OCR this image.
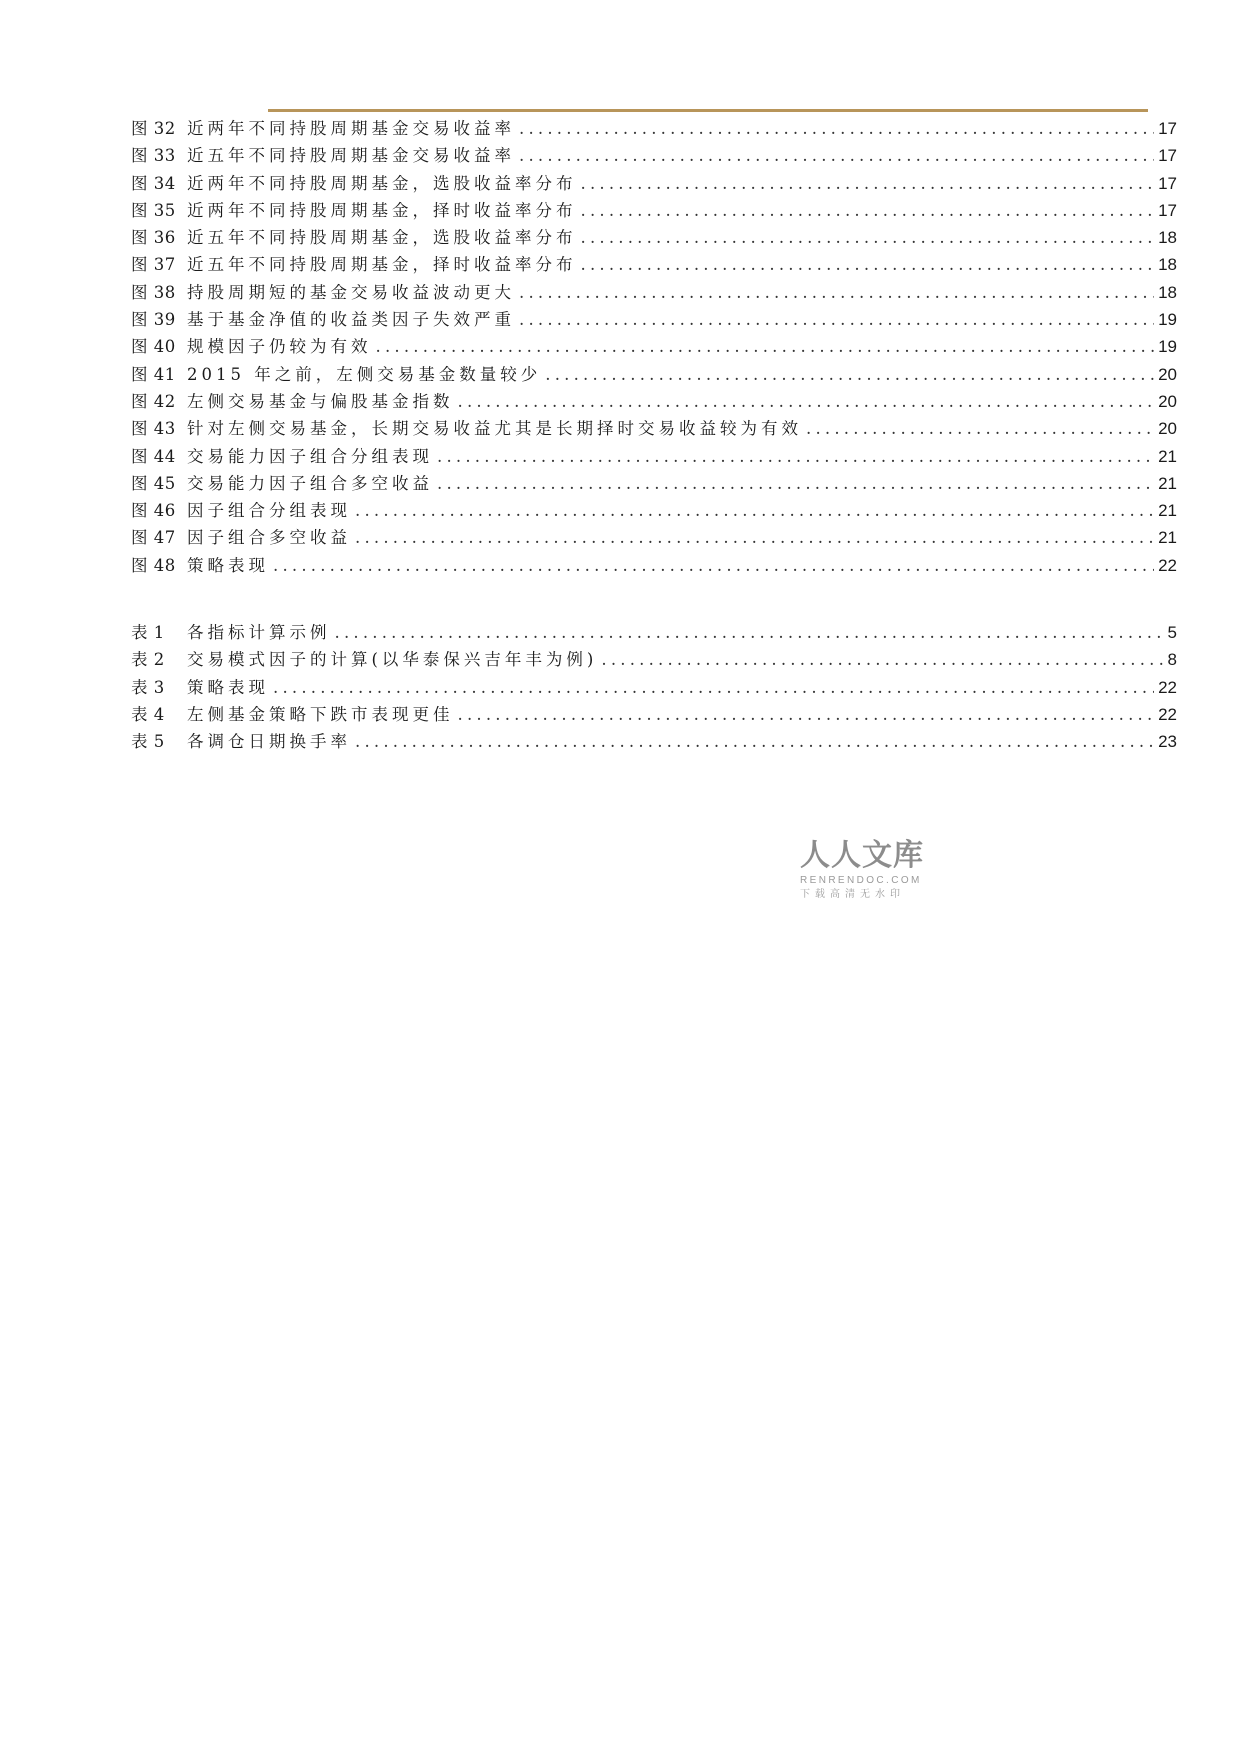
图 32 近两年不同持股周期基金交易收益率 .....	17
图 33 近五年不同持股周期基金交易收益率 .....	17
图 34 近两年不同持股周期基金，选股收益率分布 .....	17
图 35 近两年不同持股周期基金，择时收益率分布 .....	17
图 36 近五年不同持股周期基金，选股收益率分布 .....	18
图 37 近五年不同持股周期基金，择时收益率分布 .....	18
图 38 持股周期短的基金交易收益波动更大 .....	18
图 39 基于基金净值的收益类因子失效严重 .....	19
图 40 规模因子仍较为有效 .....	19
图 41 2015 年之前，左侧交易基金数量较少 .....	20
图 42 左侧交易基金与偏股基金指数 .....	20
图 43 针对左侧交易基金，长期交易收益尤其是长期择时交易收益较为有效 .....	20
图 44 交易能力因子组合分组表现 .....	21
图 45 交易能力因子组合多空收益 .....	21
图 46 因子组合分组表现 .....	21
图 47 因子组合多空收益 .....	21
图 48 策略表现 .....	22
表 1	各指标计算示例 .....	5
表 2	交易模式因子的计算(以华泰保兴吉年丰为例) .....	8
表 3	策略表现 .....	22
表 4	左侧基金策略下跌市表现更佳 .....	22
表 5	各调仓日期换手率 .....	23
人人文库
RENRENDOC.COM
下载高清无水印
